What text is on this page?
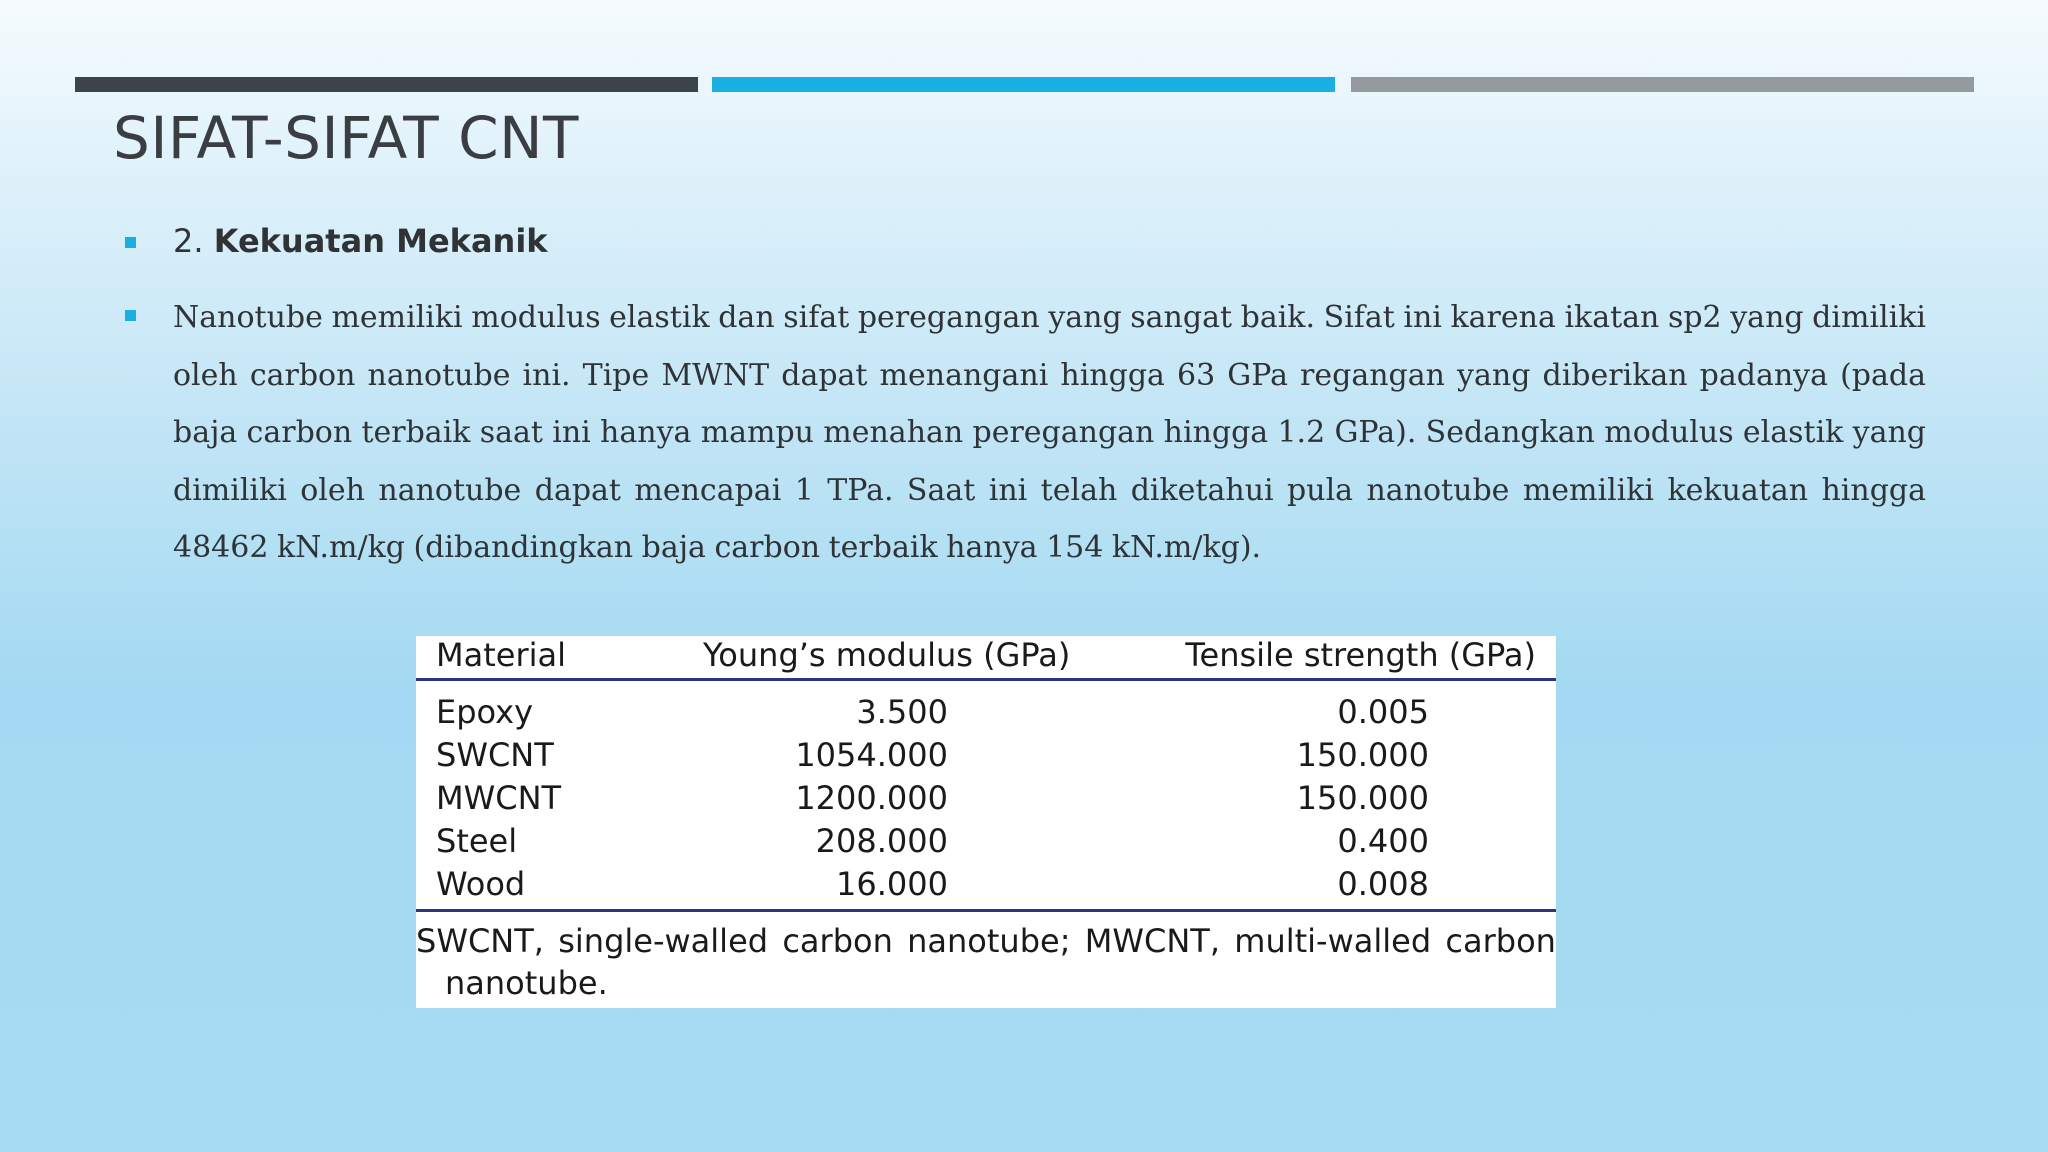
SIFAT-SIFAT CNT
2. Kekuatan Mekanik
Nanotube memiliki modulus elastik dan sifat peregangan yang sangat baik. Sifat ini karena ikatan sp2 yang dimiliki oleh carbon nanotube ini. Tipe MWNT dapat menangani hingga 63 GPa regangan yang diberikan padanya (pada baja carbon terbaik saat ini hanya mampu menahan peregangan hingga 1.2 GPa). Sedangkan modulus elastik yang dimiliki oleh nanotube dapat mencapai 1 TPa. Saat ini telah diketahui pula nanotube memiliki kekuatan hingga 48462 kN.m/kg (dibandingkan baja carbon terbaik hanya 154 kN.m/kg).
Material	Young’s modulus (GPa)	Tensile strength (GPa)
Epoxy	3.500	0.005
SWCNT	1054.000	150.000
MWCNT	1200.000	150.000
Steel	208.000	0.400
Wood	16.000	0.008
SWCNT, single-walled carbon nanotube; MWCNT, multi-walled carbon
nanotube.
